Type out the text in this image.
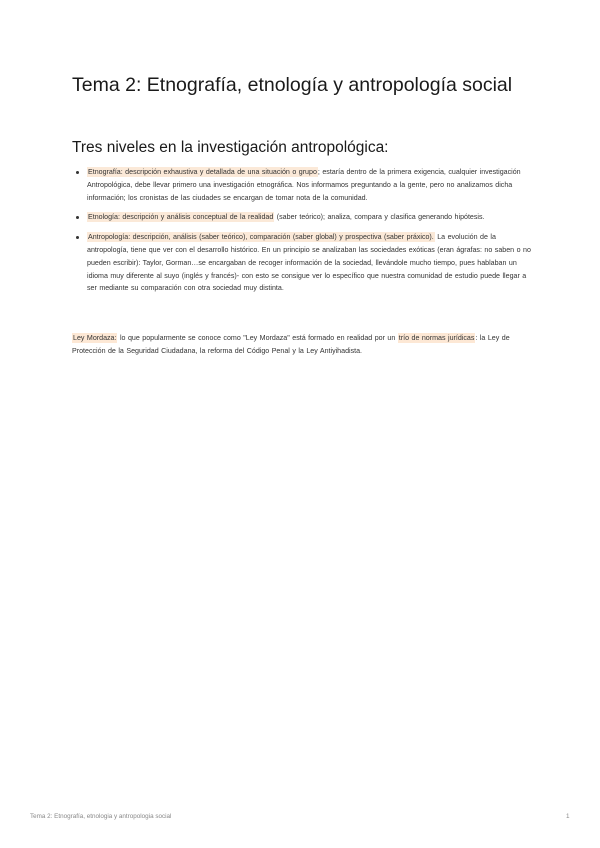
Tema 2: Etnografía, etnología y antropología social
Tres niveles en la investigación antropológica:
Etnografía: descripción exhaustiva y detallada de una situación o grupo; estaría dentro de la primera exigencia, cualquier investigación Antropológica, debe llevar primero una investigación etnográfica. Nos informamos preguntando a la gente, pero no analizamos dicha información; los cronistas de las ciudades se encargan de tomar nota de la comunidad.
Etnología: descripción y análisis conceptual de la realidad (saber teórico); analiza, compara y clasifica generando hipótesis.
Antropología: descripción, análisis (saber teórico), comparación (saber global) y prospectiva (saber práxico). La evolución de la antropología, tiene que ver con el desarrollo histórico. En un principio se analizaban las sociedades exóticas (eran ágrafas: no saben o no pueden escribir): Taylor, Gorman…se encargaban de recoger información de la sociedad, llevándole mucho tiempo, pues hablaban un idioma muy diferente al suyo (inglés y francés)- con esto se consigue ver lo específico que nuestra comunidad de estudio puede llegar a ser mediante su comparación con otra sociedad muy distinta.

Ley Mordaza: lo que popularmente se conoce como "Ley Mordaza" está formado en realidad por un trío de normas jurídicas: la Ley de Protección de la Seguridad Ciudadana, la reforma del Código Penal y la Ley Antiyihadista.

Tema 2: Etnografía, etnologia y antropologia social	1
